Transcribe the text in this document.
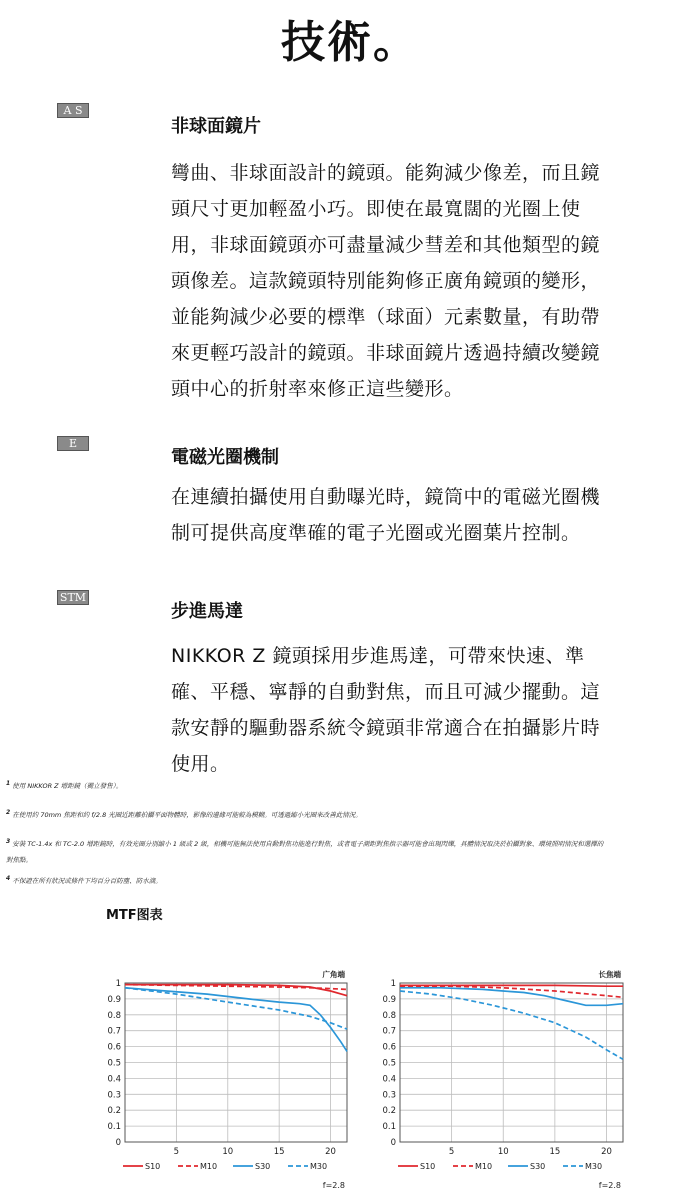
技術。
A S
非球面鏡片
彎曲、非球面設計的鏡頭。能夠減少像差，而且鏡
頭尺寸更加輕盈小巧。即使在最寬闊的光圈上使
用，非球面鏡頭亦可盡量減少彗差和其他類型的鏡
頭像差。這款鏡頭特別能夠修正廣角鏡頭的變形，
並能夠減少必要的標準（球面）元素數量，有助帶
來更輕巧設計的鏡頭。非球面鏡片透過持續改變鏡
頭中心的折射率來修正這些變形。
E
電磁光圈機制
在連續拍攝使用自動曝光時，鏡筒中的電磁光圈機
制可提供高度準確的電子光圈或光圈葉片控制。
STM
步進馬達
NIKKOR Z 鏡頭採用步進馬達，可帶來快速、準
確、平穩、寧靜的自動對焦，而且可減少擺動。這
款安靜的驅動器系統令鏡頭非常適合在拍攝影片時
使用。
$^1$ 使用 NIKKOR Z 增距鏡（獨立發售）。
$^2$ 在使用約 70mm 焦距和約 f/2.8 光圈近距離拍攝平面物體時，影像的邊緣可能較為模糊。可透過縮小光圈來改善此情況。
$^3$ 安裝 TC-1.4x 和 TC-2.0 增距鏡時，有效光圈分別縮小 1 級或 2 級，相機可能無法使用自動對焦功能進行對焦，或者電子測距對焦指示器可能會出現閃爍，具體情況取決於拍攝對象、環境照明情況和選擇的
對焦點。
$^4$ 不保證在所有狀況或條件下均百分百防塵、防水滴。
MTF图表
1
0.9
0.8
0.7
0.6
0.5
0.4
0.3
0.2
0.1
0
5	10	15	20
广角端
S10	M10	S30	M30
f=2.8
1
0.9
0.8
0.7
0.6
0.5
0.4
0.3
0.2
0.1
0
5	10	15	20
长焦端
S10	M10	S30	M30
f=2.8
